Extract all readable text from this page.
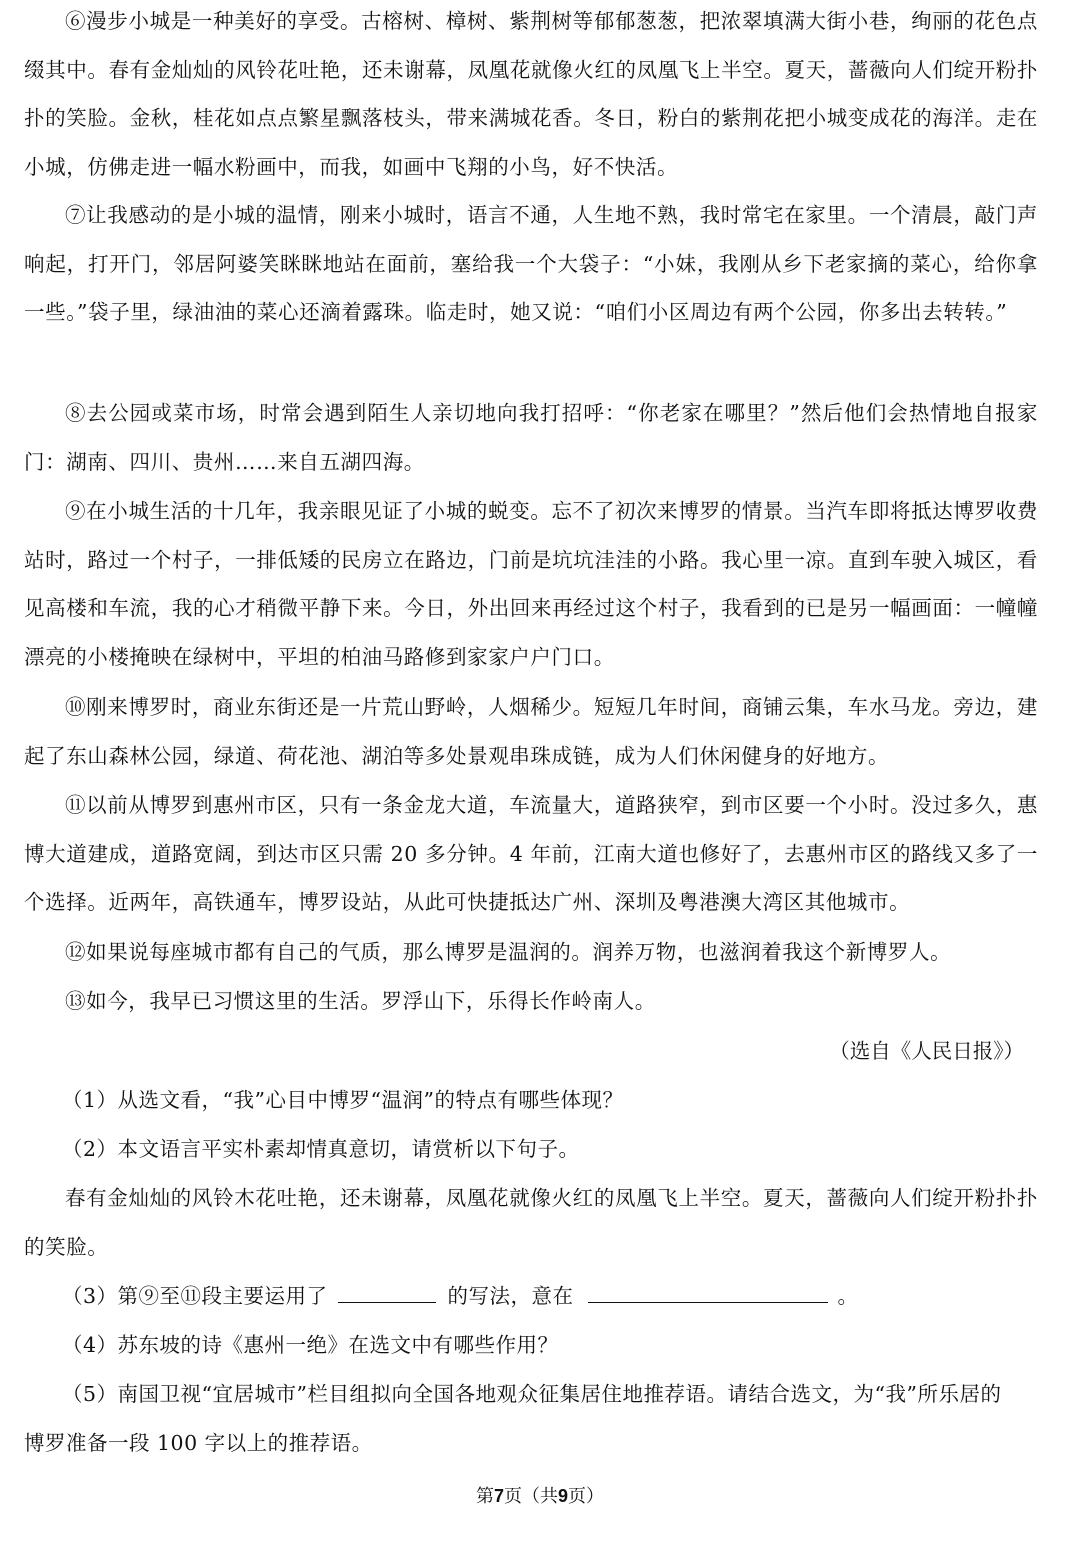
⑥漫步小城是一种美好的享受。古榕树、樟树、紫荆树等郁郁葱葱，把浓翠填满大街小巷，绚丽的花色点缀其中。春有金灿灿的风铃花吐艳，还未谢幕，凤凰花就像火红的凤凰飞上半空。夏天，蔷薇向人们绽开粉扑扑的笑脸。金秋，桂花如点点繁星飘落枝头，带来满城花香。冬日，粉白的紫荆花把小城变成花的海洋。走在小城，仿佛走进一幅水粉画中，而我，如画中飞翔的小鸟，好不快活。

⑦让我感动的是小城的温情，刚来小城时，语言不通，人生地不熟，我时常宅在家里。一个清晨，敲门声响起，打开门，邻居阿婆笑眯眯地站在面前，塞给我一个大袋子：“小妹，我刚从乡下老家摘的菜心，给你拿一些。”袋子里，绿油油的菜心还滴着露珠。临走时，她又说：“咱们小区周边有两个公园，你多出去转转。”

⑧去公园或菜市场，时常会遇到陌生人亲切地向我打招呼：“你老家在哪里？”然后他们会热情地自报家门：湖南、四川、贵州……来自五湖四海。

⑨在小城生活的十几年，我亲眼见证了小城的蜕变。忘不了初次来博罗的情景。当汽车即将抵达博罗收费站时，路过一个村子，一排低矮的民房立在路边，门前是坑坑洼洼的小路。我心里一凉。直到车驶入城区，看见高楼和车流，我的心才稍微平静下来。今日，外出回来再经过这个村子，我看到的已是另一幅画面：一幢幢漂亮的小楼掩映在绿树中，平坦的柏油马路修到家家户户门口。

⑩刚来博罗时，商业东街还是一片荒山野岭，人烟稀少。短短几年时间，商铺云集，车水马龙。旁边，建起了东山森林公园，绿道、荷花池、湖泊等多处景观串珠成链，成为人们休闲健身的好地方。

⑪以前从博罗到惠州市区，只有一条金龙大道，车流量大，道路狭窄，到市区要一个小时。没过多久，惠博大道建成，道路宽阔，到达市区只需 20 多分钟。4 年前，江南大道也修好了，去惠州市区的路线又多了一个选择。近两年，高铁通车，博罗设站，从此可快捷抵达广州、深圳及粤港澳大湾区其他城市。

⑫如果说每座城市都有自己的气质，那么博罗是温润的。润养万物，也滋润着我这个新博罗人。

⑬如今，我早已习惯这里的生活。罗浮山下，乐得长作岭南人。

（选自《人民日报》）

（1）从选文看，“我”心目中博罗“温润”的特点有哪些体现？

（2）本文语言平实朴素却情真意切，请赏析以下句子。

春有金灿灿的风铃木花吐艳，还未谢幕，凤凰花就像火红的凤凰飞上半空。夏天，蔷薇向人们绽开粉扑扑的笑脸。

（3）第⑨至⑪段主要运用了	的写法，意在	。

（4）苏东坡的诗《惠州一绝》在选文中有哪些作用？

（5）南国卫视“宜居城市”栏目组拟向全国各地观众征集居住地推荐语。请结合选文，为“我”所乐居的

博罗准备一段 100 字以上的推荐语。

第7页（共9页）
